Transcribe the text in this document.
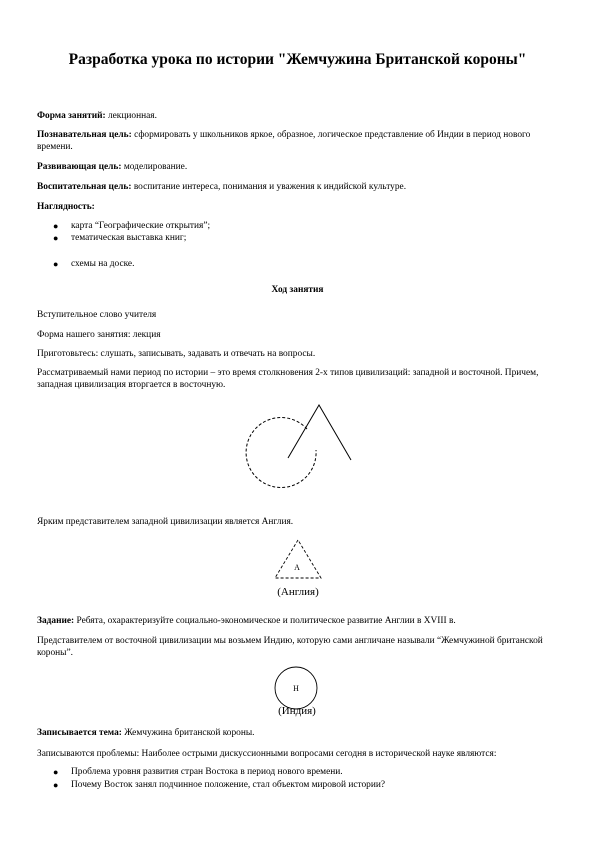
Разработка урока по истории "Жемчужина Британской короны"

Форма занятий: лекционная.

Познавательная цель: сформировать у школьников яркое, образное, логическое представление об Индии в период нового времени.

Развивающая цель: моделирование.

Воспитательная цель: воспитание интереса, понимания и уважения к индийской культуре.

Наглядность:

● карта “Географические открытия”;
● тематическая выставка книг;
● схемы на доске.

Ход занятия

Вступительное слово учителя

Форма нашего занятия: лекция

Приготовьтесь: слушать, записывать, задавать и отвечать на вопросы.

Рассматриваемый нами период по истории – это время столкновения 2-х типов цивилизаций: западной и восточной. Причем, западная цивилизация вторгается в восточную.

Ярким представителем западной цивилизации является Англия.

А
(Англия)

Задание: Ребята, охарактеризуйте социально-экономическое и политическое развитие Англии в XVIII в.

Представителем от восточной цивилизации мы возьмем Индию, которую сами англичане называли “Жемчужиной британской короны”.

Н
(Индия)

Записывается тема: Жемчужина британской короны.

Записываются проблемы: Наиболее острыми дискуссионными вопросами сегодня в исторической науке являются:

● Проблема уровня развития стран Востока в период нового времени.
● Почему Восток занял подчинное положение, стал объектом мировой истории?
